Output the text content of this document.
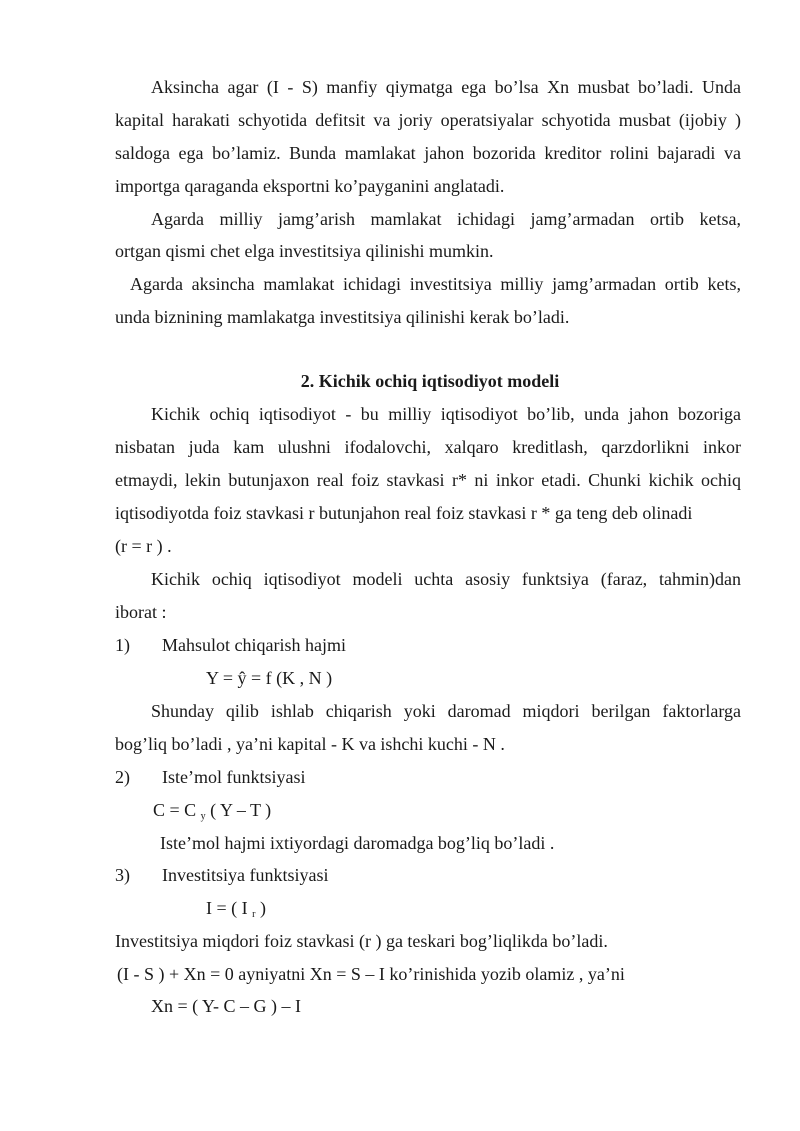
Aksincha agar (I - S) manfiy qiymatga ega bo’lsa Xn musbat bo’ladi. Unda
kapital harakati schyotida defitsit va joriy operatsiyalar schyotida musbat (ijobiy )
saldoga ega bo’lamiz. Bunda mamlakat jahon bozorida kreditor rolini bajaradi va
importga qaraganda eksportni ko’payganini anglatadi.
Agarda milliy jamg’arish mamlakat ichidagi jamg’armadan ortib ketsa,
ortgan qismi chet elga investitsiya qilinishi mumkin.
Agarda aksincha mamlakat ichidagi investitsiya milliy jamg’armadan ortib kets,
unda biznining mamlakatga investitsiya qilinishi kerak bo’ladi.
2. Kichik ochiq iqtisodiyot modeli
Kichik ochiq iqtisodiyot - bu milliy iqtisodiyot bo’lib, unda jahon bozoriga
nisbatan juda kam ulushni ifodalovchi, xalqaro kreditlash, qarzdorlikni inkor
etmaydi, lekin butunjaxon real foiz stavkasi r* ni inkor etadi. Chunki kichik ochiq
iqtisodiyotda foiz stavkasi r butunjahon real foiz stavkasi r * ga teng deb olinadi
(r = r ) .
Kichik ochiq iqtisodiyot modeli uchta asosiy funktsiya (faraz, tahmin)dan
iborat :
1) Mahsulot chiqarish hajmi
Y = ŷ = f (K , N )
Shunday qilib ishlab chiqarish yoki daromad miqdori berilgan faktorlarga
bog’liq bo’ladi , ya’ni kapital - K va ishchi kuchi - N .
2) Iste’mol funktsiyasi
C = C $_y$ ( Y – T )
Iste’mol hajmi ixtiyordagi daromadga bog’liq bo’ladi .
3) Investitsiya funktsiyasi
I = ( I $_r$ )
Investitsiya miqdori foiz stavkasi (r ) ga teskari bog’liqlikda bo’ladi.
(I - S ) + Xn = 0 ayniyatni Xn = S – I ko’rinishida yozib olamiz , ya’ni
Xn = ( Y- C – G ) – I
